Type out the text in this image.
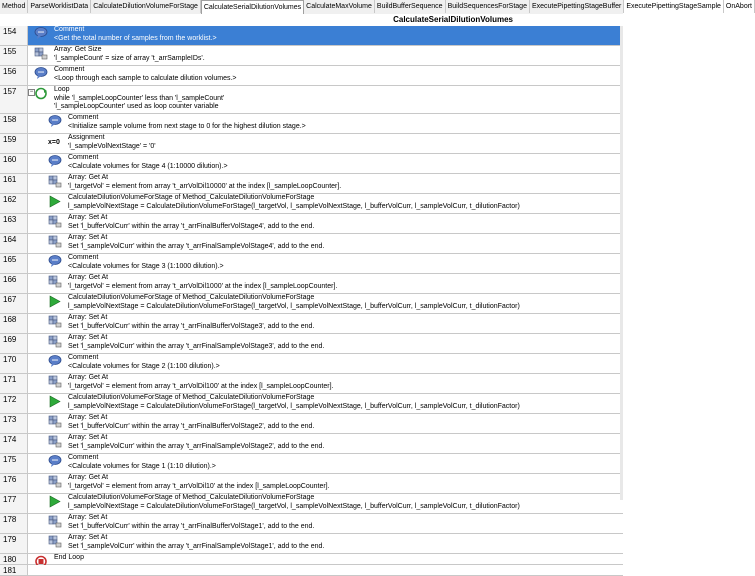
Method ParseWorklistData CalculateDilutionVolumeForStage CalculateSerialDilutionVolumes CalculateMaxVolume BuildBufferSequence BuildSequencesForStage ExecutePipettingStageBuffer ExecutePipettingStageSample OnAbort
CalculateSerialDilutionVolumes
154	Comment
<Get the total number of samples from the worklist.>
155	Array: Get Size
'l_sampleCount' = size of array 't_arrSampleIDs'.
156	Comment
<Loop through each sample to calculate dilution volumes.>
157	−	Loop
while 'l_sampleLoopCounter' less than 'l_sampleCount'
'l_sampleLoopCounter' used as loop counter variable
158	Comment
<Initialize sample volume from next stage to 0 for the highest dilution stage.>
159	x=0
Assignment
'l_sampleVolNextStage' = '0'
160	Comment
<Calculate volumes for Stage 4 (1:10000 dilution).>
161	Array: Get At
'l_targetVol' = element from array 't_arrVolDil10000' at the index [l_sampleLoopCounter].
162	CalculateDilutionVolumeForStage of Method_CalculateDilutionVolumeForStage
l_sampleVolNextStage = CalculateDilutionVolumeForStage(l_targetVol, l_sampleVolNextStage, l_bufferVolCurr, l_sampleVolCurr, t_dilutionFactor)
163	Array: Set At
Set 'l_bufferVolCurr' within the array 't_arrFinalBufferVolStage4', add to the end.
164	Array: Set At
Set 'l_sampleVolCurr' within the array 't_arrFinalSampleVolStage4', add to the end.
165	Comment
<Calculate volumes for Stage 3 (1:1000 dilution).>
166	Array: Get At
'l_targetVol' = element from array 't_arrVolDil1000' at the index [l_sampleLoopCounter].
167	CalculateDilutionVolumeForStage of Method_CalculateDilutionVolumeForStage
l_sampleVolNextStage = CalculateDilutionVolumeForStage(l_targetVol, l_sampleVolNextStage, l_bufferVolCurr, l_sampleVolCurr, t_dilutionFactor)
168	Array: Set At
Set 'l_bufferVolCurr' within the array 't_arrFinalBufferVolStage3', add to the end.
169	Array: Set At
Set 'l_sampleVolCurr' within the array 't_arrFinalSampleVolStage3', add to the end.
170	Comment
<Calculate volumes for Stage 2 (1:100 dilution).>
171	Array: Get At
'l_targetVol' = element from array 't_arrVolDil100' at the index [l_sampleLoopCounter].
172	CalculateDilutionVolumeForStage of Method_CalculateDilutionVolumeForStage
l_sampleVolNextStage = CalculateDilutionVolumeForStage(l_targetVol, l_sampleVolNextStage, l_bufferVolCurr, l_sampleVolCurr, t_dilutionFactor)
173	Array: Set At
Set 'l_bufferVolCurr' within the array 't_arrFinalBufferVolStage2', add to the end.
174	Array: Set At
Set 'l_sampleVolCurr' within the array 't_arrFinalSampleVolStage2', add to the end.
175	Comment
<Calculate volumes for Stage 1 (1:10 dilution).>
176	Array: Get At
'l_targetVol' = element from array 't_arrVolDil10' at the index [l_sampleLoopCounter].
177	CalculateDilutionVolumeForStage of Method_CalculateDilutionVolumeForStage
l_sampleVolNextStage = CalculateDilutionVolumeForStage(l_targetVol, l_sampleVolNextStage, l_bufferVolCurr, l_sampleVolCurr, t_dilutionFactor)
178	Array: Set At
Set 'l_bufferVolCurr' within the array 't_arrFinalBufferVolStage1', add to the end.
179	Array: Set At
Set 'l_sampleVolCurr' within the array 't_arrFinalSampleVolStage1', add to the end.
180	End Loop
181
